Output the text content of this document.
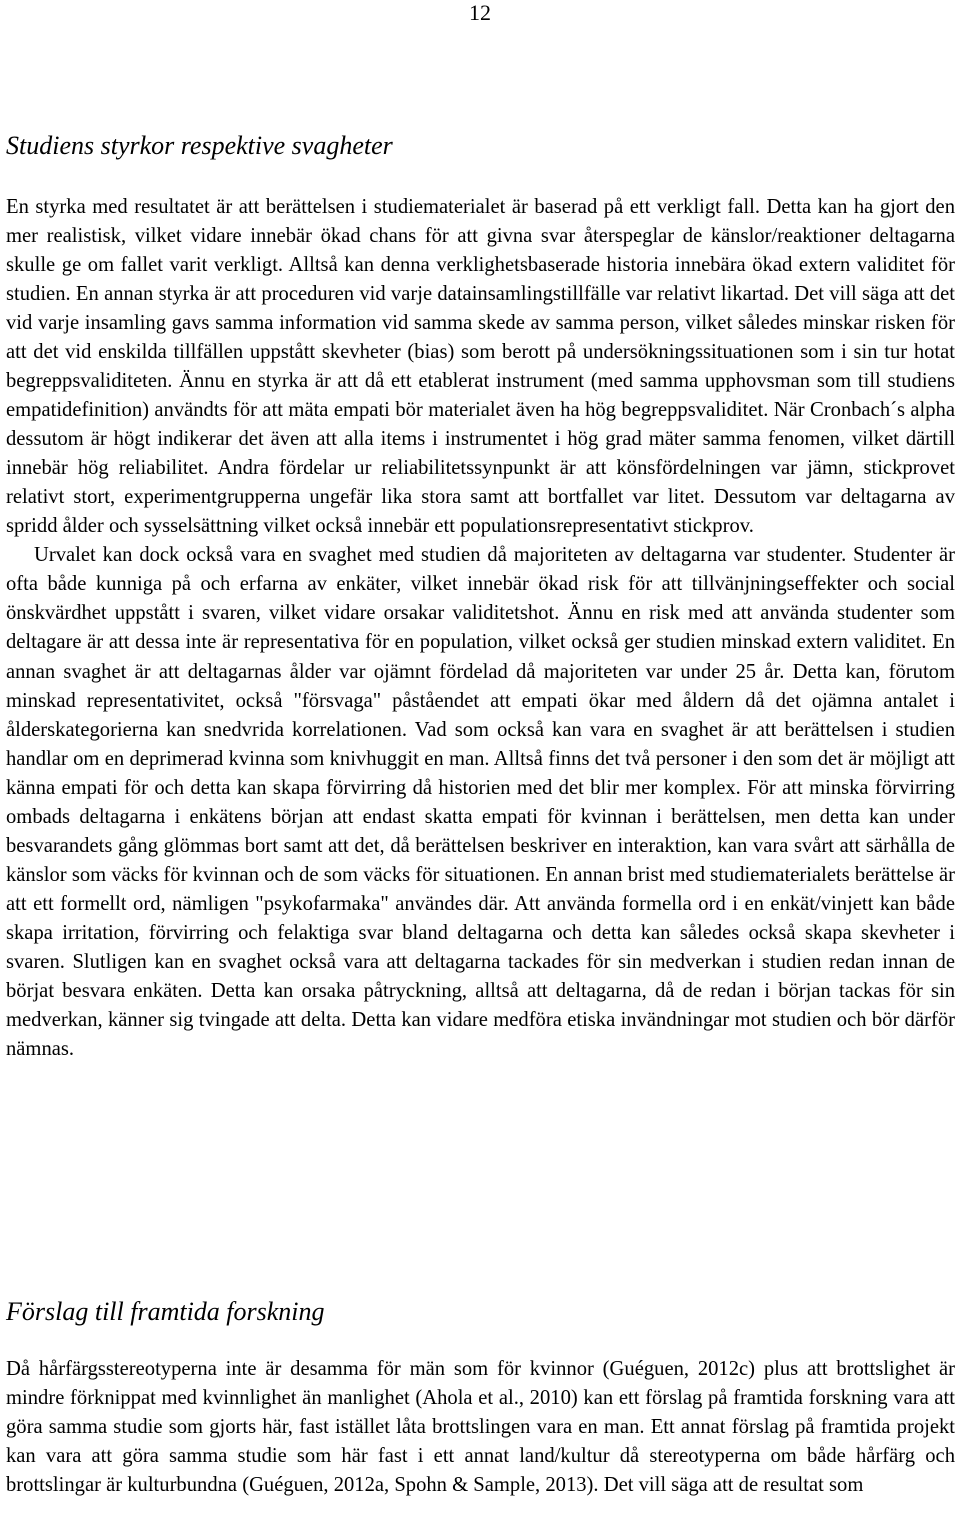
12
Studiens styrkor respektive svagheter

En styrka med resultatet är att berättelsen i studiematerialet är baserad på ett verkligt fall. Detta kan ha gjort den mer realistisk, vilket vidare innebär ökad chans för att givna svar återspeglar de känslor/reaktioner deltagarna skulle ge om fallet varit verkligt. Alltså kan denna verklighetsbaserade historia innebära ökad extern validitet för studien. En annan styrka är att proceduren vid varje datainsamlingstillfälle var relativt likartad. Det vill säga att det vid varje insamling gavs samma information vid samma skede av samma person, vilket således minskar risken för att det vid enskilda tillfällen uppstått skevheter (bias) som berott på undersökningssituationen som i sin tur hotat begreppsvaliditeten. Ännu en styrka är att då ett etablerat instrument (med samma upphovsman som till studiens empatidefinition) användts för att mäta empati bör materialet även ha hög begreppsvaliditet. När Cronbach´s alpha dessutom är högt indikerar det även att alla items i instrumentet i hög grad mäter samma fenomen, vilket därtill innebär hög reliabilitet. Andra fördelar ur reliabilitetssynpunkt är att könsfördelningen var jämn, stickprovet relativt stort, experimentgrupperna ungefär lika stora samt att bortfallet var litet. Dessutom var deltagarna av spridd ålder och sysselsättning vilket också innebär ett populationsrepresentativt stickprov.

Urvalet kan dock också vara en svaghet med studien då majoriteten av deltagarna var studenter. Studenter är ofta både kunniga på och erfarna av enkäter, vilket innebär ökad risk för att tillvänjningseffekter och social önskvärdhet uppstått i svaren, vilket vidare orsakar validitetshot. Ännu en risk med att använda studenter som deltagare är att dessa inte är representativa för en population, vilket också ger studien minskad extern validitet. En annan svaghet är att deltagarnas ålder var ojämnt fördelad då majoriteten var under 25 år. Detta kan, förutom minskad representativitet, också "försvaga" påståendet att empati ökar med åldern då det ojämna antalet i ålderskategorierna kan snedvrida korrelationen. Vad som också kan vara en svaghet är att berättelsen i studien handlar om en deprimerad kvinna som knivhuggit en man. Alltså finns det två personer i den som det är möjligt att känna empati för och detta kan skapa förvirring då historien med det blir mer komplex. För att minska förvirring ombads deltagarna i enkätens början att endast skatta empati för kvinnan i berättelsen, men detta kan under besvarandets gång glömmas bort samt att det, då berättelsen beskriver en interaktion, kan vara svårt att särhålla de känslor som väcks för kvinnan och de som väcks för situationen. En annan brist med studiematerialets berättelse är att ett formellt ord, nämligen "psykofarmaka" användes där. Att använda formella ord i en enkät/vinjett kan både skapa irritation, förvirring och felaktiga svar bland deltagarna och detta kan således också skapa skevheter i svaren. Slutligen kan en svaghet också vara att deltagarna tackades för sin medverkan i studien redan innan de börjat besvara enkäten. Detta kan orsaka påtryckning, alltså att deltagarna, då de redan i början tackas för sin medverkan, känner sig tvingade att delta. Detta kan vidare medföra etiska invändningar mot studien och bör därför nämnas.

Förslag till framtida forskning

Då hårfärgsstereotyperna inte är desamma för män som för kvinnor (Guéguen, 2012c) plus att brottslighet är mindre förknippat med kvinnlighet än manlighet (Ahola et al., 2010) kan ett förslag på framtida forskning vara att göra samma studie som gjorts här, fast istället låta brottslingen vara en man. Ett annat förslag på framtida projekt kan vara att göra samma studie som här fast i ett annat land/kultur då stereotyperna om både hårfärg och brottslingar är kulturbundna (Guéguen, 2012a, Spohn & Sample, 2013). Det vill säga att de resultat som
